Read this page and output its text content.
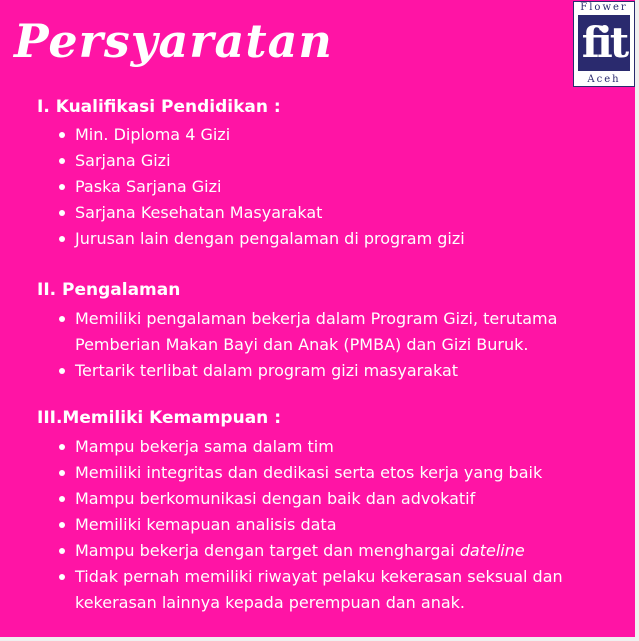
Persyaratan
Flower
fit
Aceh
I. Kualifikasi Pendidikan :
Min. Diploma 4 Gizi
Sarjana Gizi
Paska Sarjana Gizi
Sarjana Kesehatan Masyarakat
Jurusan lain dengan pengalaman di program gizi
II. Pengalaman
Memiliki pengalaman bekerja dalam Program Gizi, terutama Pemberian Makan Bayi dan Anak (PMBA) dan Gizi Buruk.
Tertarik terlibat dalam program gizi masyarakat
III.Memiliki Kemampuan :
Mampu bekerja sama dalam tim
Memiliki integritas dan dedikasi serta etos kerja yang baik
Mampu berkomunikasi dengan baik dan advokatif
Memiliki kemapuan analisis data
Mampu bekerja dengan target dan menghargai dateline
Tidak pernah memiliki riwayat pelaku kekerasan seksual dan kekerasan lainnya kepada perempuan dan anak.
